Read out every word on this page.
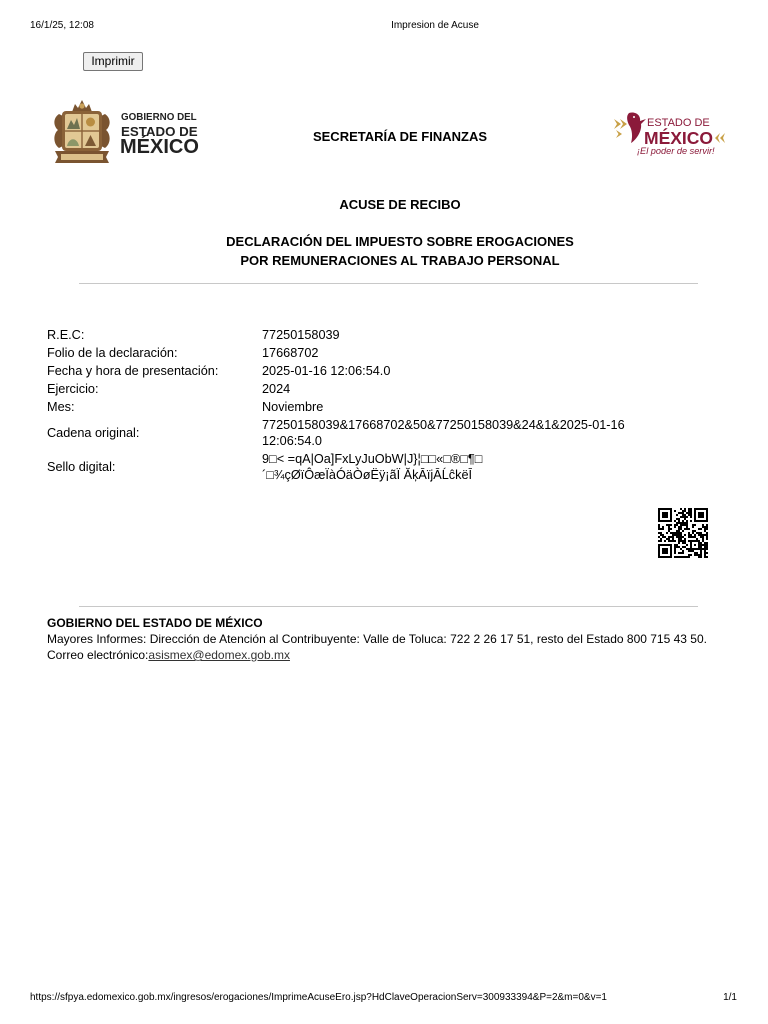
16/1/25, 12:08	Impresion de Acuse
Imprimir
GOBIERNO DEL
ESTADO DE
MÉXICO	SECRETARÍA DE FINANZAS
ESTADO DE
MÉXICO
¡El poder de servir!
ACUSE DE RECIBO
DECLARACIÓN DEL IMPUESTO SOBRE EROGACIONES
POR REMUNERACIONES AL TRABAJO PERSONAL
R.E.C:	77250158039
Folio de la declaración:	17668702
Fecha y hora de presentación:	2025-01-16 12:06:54.0
Ejercicio:	2024
Mes:	Noviembre
Cadena original:	77250158039&17668702&50&77250158039&24&1&2025-01-16 12:06:54.0
Sello digital:	9□< =qA|Oa]FxLyJuObW|J}¦□□«□®□¶□
´□¾çØïÔæÏàÓäÒøËÿ¡ãÏ ĂķĀïjĀĹĉkëĪ
GOBIERNO DEL ESTADO DE MÉXICO
Mayores Informes: Dirección de Atención al Contribuyente: Valle de Toluca: 722 2 26 17 51, resto del Estado 800 715 43 50.
Correo electrónico:asismex@edomex.gob.mx
https://sfpya.edomexico.gob.mx/ingresos/erogaciones/ImprimeAcuseEro.jsp?HdClaveOperacionServ=300933394&P=2&m=0&v=1	1/1
